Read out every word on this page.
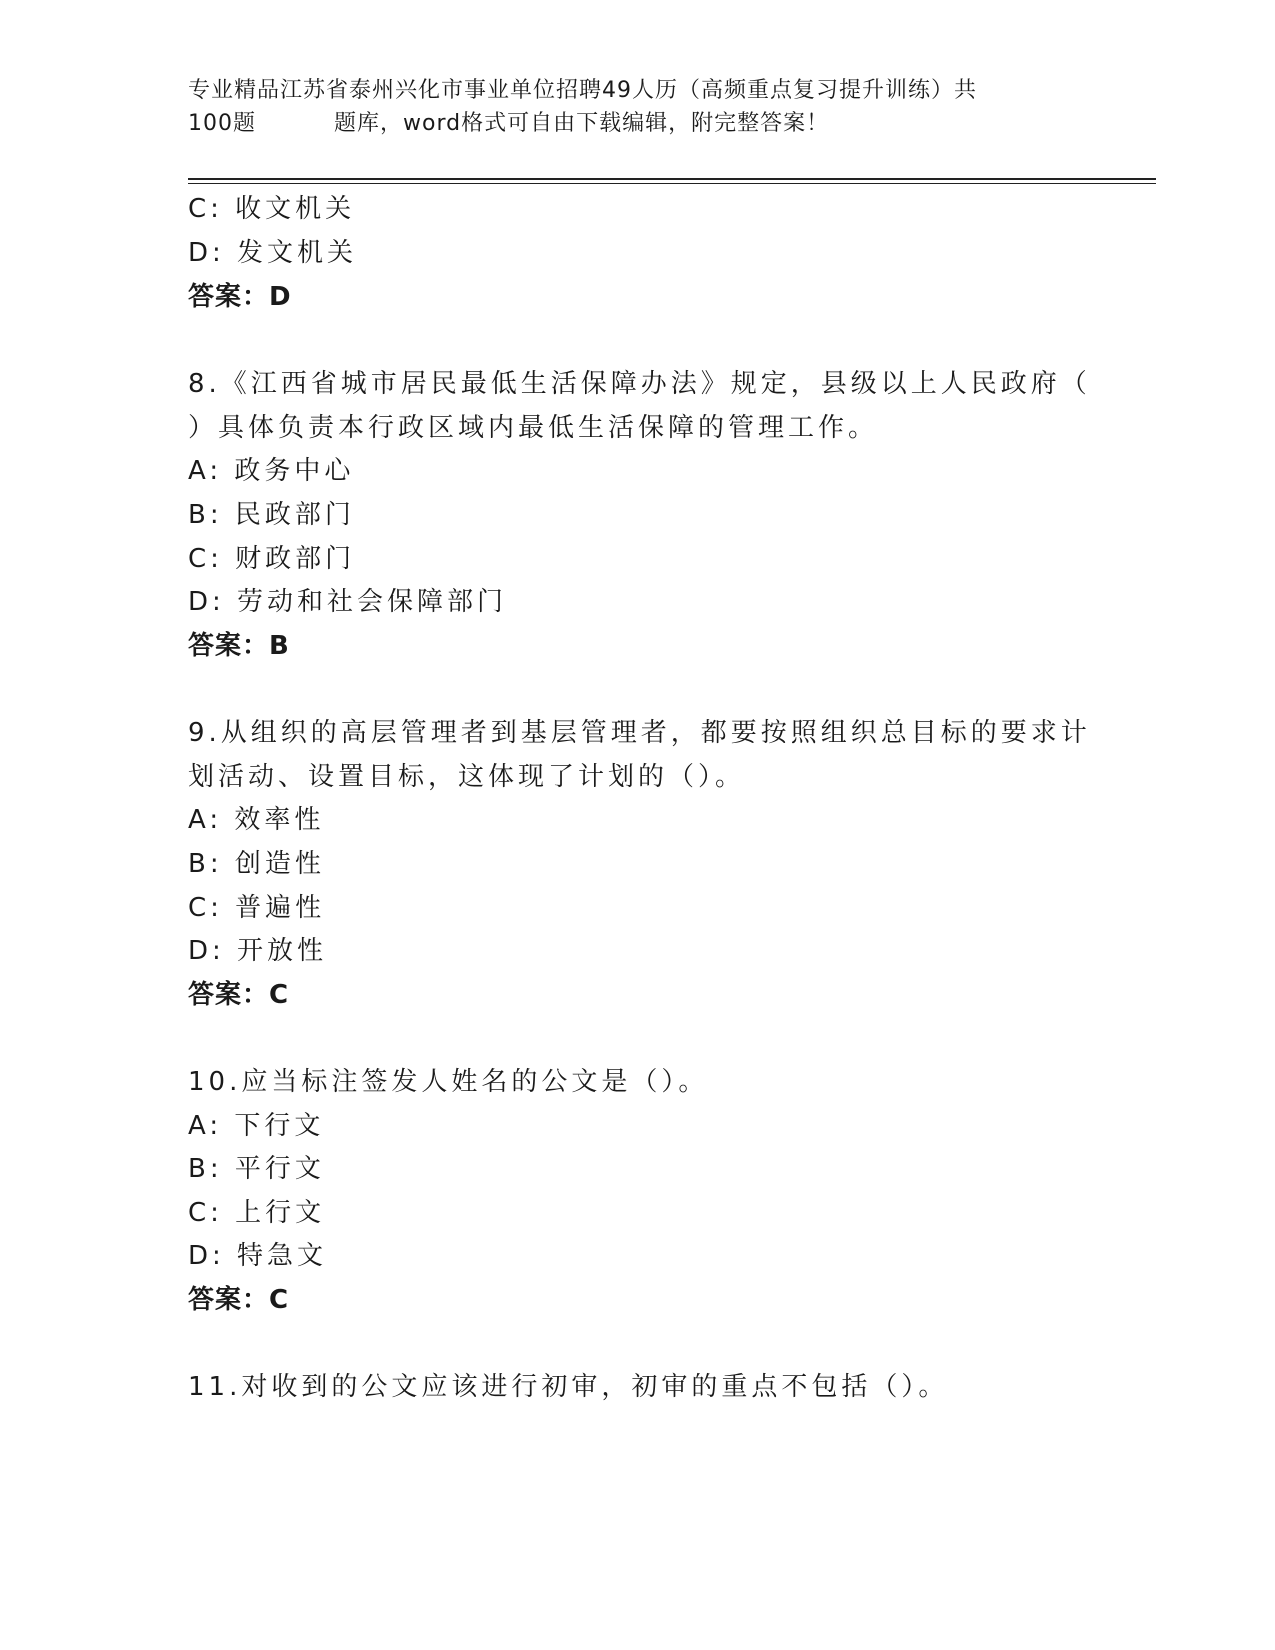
专业精品江苏省泰州兴化市事业单位招聘49人历（高频重点复习提升训练）共
100题	题库，word格式可自由下载编辑，附完整答案！
C: 收文机关
D: 发文机关
答案：D
8.《江西省城市居民最低生活保障办法》规定，县级以上人民政府（
）具体负责本行政区域内最低生活保障的管理工作。
A: 政务中心
B: 民政部门
C: 财政部门
D: 劳动和社会保障部门
答案：B
9.从组织的高层管理者到基层管理者，都要按照组织总目标的要求计
划活动、设置目标，这体现了计划的（）。
A: 效率性
B: 创造性
C: 普遍性
D: 开放性
答案：C
10.应当标注签发人姓名的公文是（）。
A: 下行文
B: 平行文
C: 上行文
D: 特急文
答案：C
11.对收到的公文应该进行初审，初审的重点不包括（）。
